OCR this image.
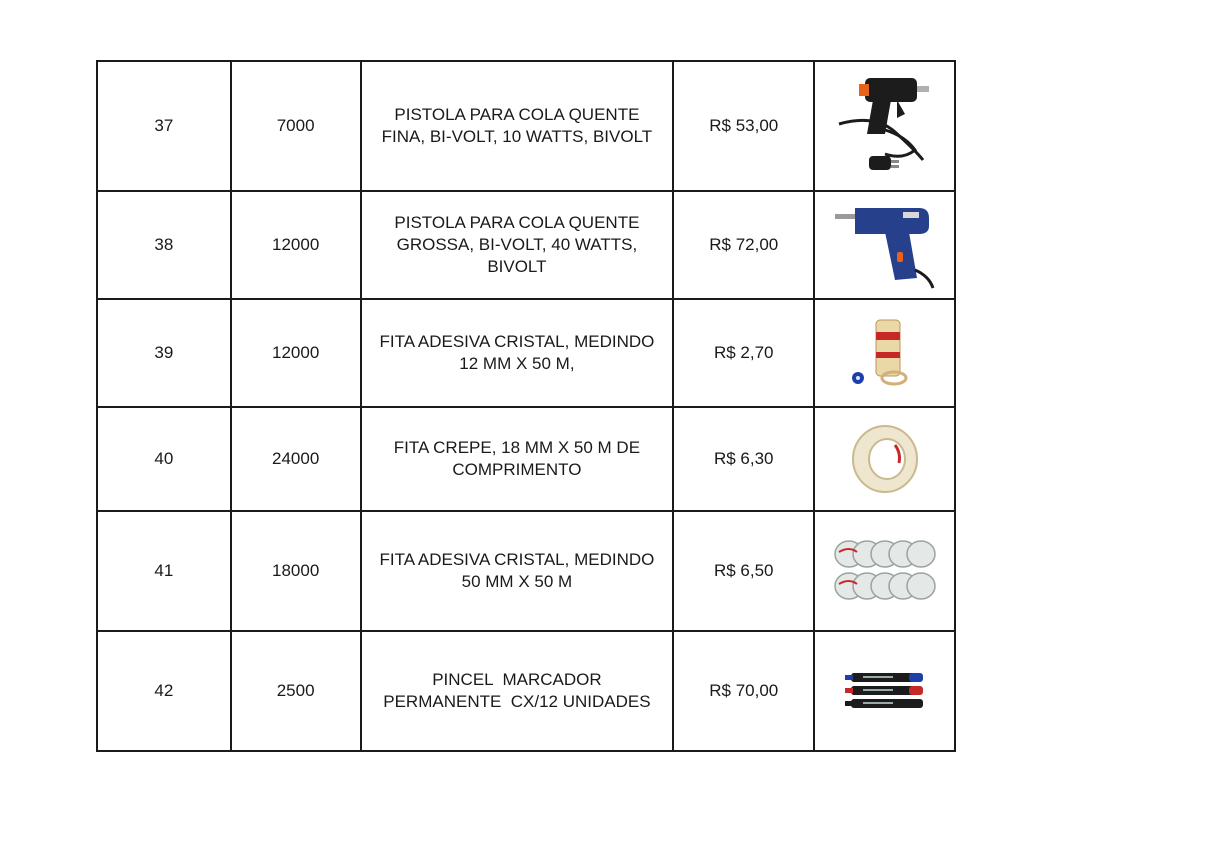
37	7000	PISTOLA PARA COLA QUENTE
FINA, BI-VOLT, 10 WATTS, BIVOLT	R$ 53,00	

38	12000	PISTOLA PARA COLA QUENTE
GROSSA, BI-VOLT, 40 WATTS,
BIVOLT	R$ 72,00	

39	12000	FITA ADESIVA CRISTAL, MEDINDO
12 MM X 50 M,	R$ 2,70	

40	24000	FITA CREPE, 18 MM X 50 M DE
COMPRIMENTO	R$ 6,30	

41	18000	FITA ADESIVA CRISTAL, MEDINDO
50 MM X 50 M	R$ 6,50	

42	2500	PINCEL  MARCADOR
PERMANENTE  CX/12 UNIDADES	R$ 70,00	
